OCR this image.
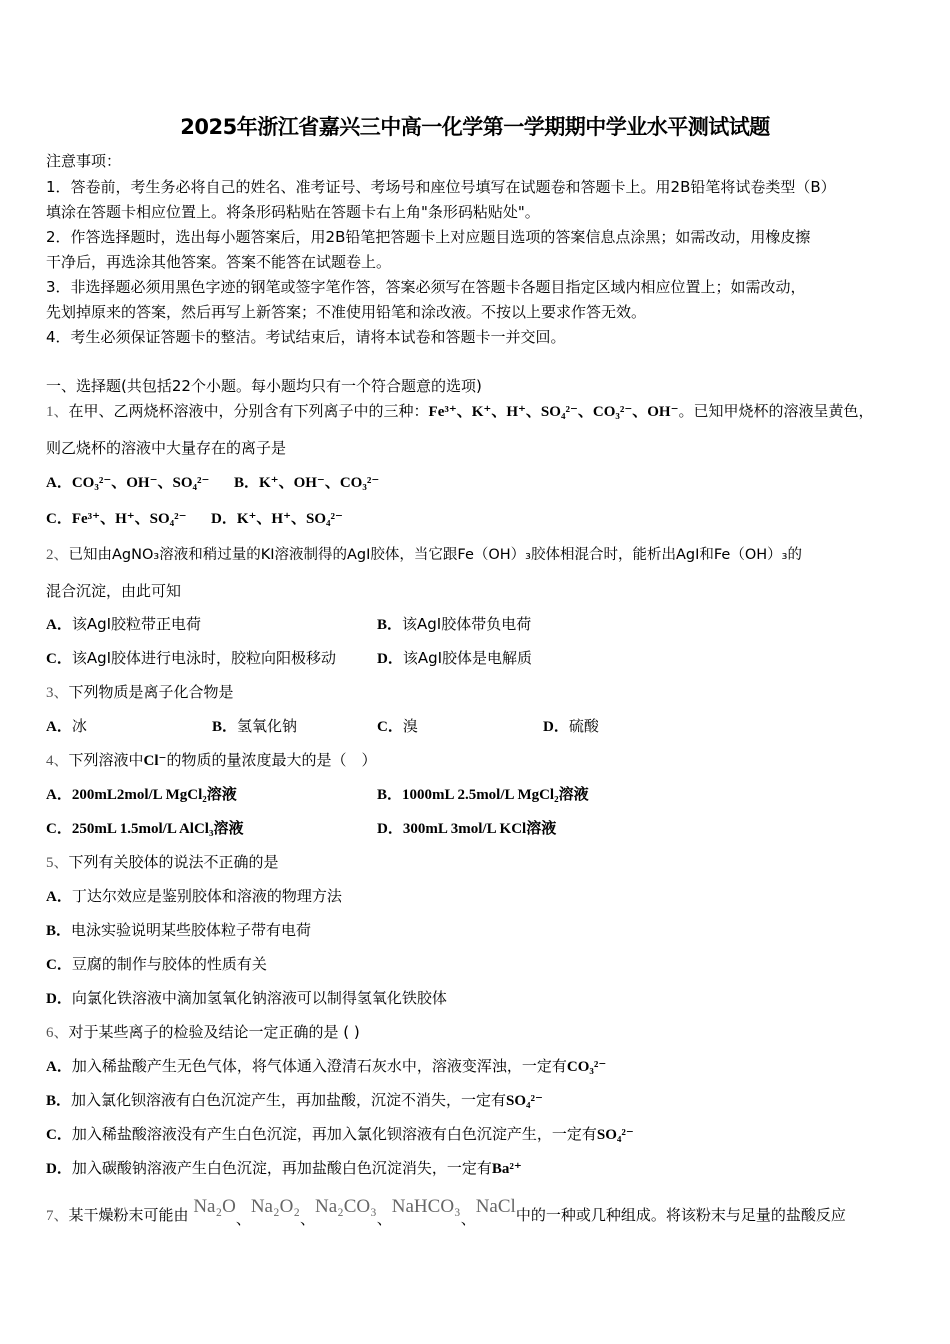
2025年浙江省嘉兴三中高一化学第一学期期中学业水平测试试题
注意事项：
1．答卷前，考生务必将自己的姓名、准考证号、考场号和座位号填写在试题卷和答题卡上。用2B铅笔将试卷类型（B）
填涂在答题卡相应位置上。将条形码粘贴在答题卡右上角"条形码粘贴处"。
2．作答选择题时，选出每小题答案后，用2B铅笔把答题卡上对应题目选项的答案信息点涂黑；如需改动，用橡皮擦
干净后，再选涂其他答案。答案不能答在试题卷上。
3．非选择题必须用黑色字迹的钢笔或签字笔作答，答案必须写在答题卡各题目指定区域内相应位置上；如需改动，
先划掉原来的答案，然后再写上新答案；不准使用铅笔和涂改液。不按以上要求作答无效。
4．考生必须保证答题卡的整洁。考试结束后，请将本试卷和答题卡一并交回。
一、选择题(共包括22个小题。每小题均只有一个符合题意的选项)
1、在甲、乙两烧杯溶液中，分别含有下列离子中的三种：Fe³⁺、K⁺、H⁺、SO₄²⁻、CO₃²⁻、OH⁻。已知甲烧杯的溶液呈黄色，
则乙烧杯的溶液中大量存在的离子是
A．CO₃²⁻、OH⁻、SO₄²⁻ B．K⁺、OH⁻、CO₃²⁻
C．Fe³⁺、H⁺、SO₄²⁻ D．K⁺、H⁺、SO₄²⁻
2、已知由AgNO₃溶液和稍过量的KI溶液制得的AgI胶体，当它跟Fe（OH）₃胶体相混合时，能析出AgI和Fe（OH）₃的
混合沉淀，由此可知
A．该AgI胶粒带正电荷	B．该AgI胶体带负电荷
C．该AgI胶体进行电泳时，胶粒向阳极移动	D．该AgI胶体是电解质
3、下列物质是离子化合物是
A．冰	B．氢氧化钠	C．溴	D．硫酸
4、下列溶液中Cl⁻的物质的量浓度最大的是（　）
A．200mL2mol/L MgCl₂溶液	B．1000mL 2.5mol/L MgCl₂溶液
C．250mL 1.5mol/L AlCl₃溶液	D．300mL 3mol/L KCl溶液
5、下列有关胶体的说法不正确的是
A．丁达尔效应是鉴别胶体和溶液的物理方法
B．电泳实验说明某些胶体粒子带有电荷
C．豆腐的制作与胶体的性质有关
D．向氯化铁溶液中滴加氢氧化钠溶液可以制得氢氧化铁胶体
6、对于某些离子的检验及结论一定正确的是 ( )
A．加入稀盐酸产生无色气体，将气体通入澄清石灰水中，溶液变浑浊，一定有CO₃²⁻
B．加入氯化钡溶液有白色沉淀产生，再加盐酸，沉淀不消失，一定有SO₄²⁻
C．加入稀盐酸溶液没有产生白色沉淀，再加入氯化钡溶液有白色沉淀产生，一定有SO₄²⁻
D．加入碳酸钠溶液产生白色沉淀，再加盐酸白色沉淀消失，一定有Ba²⁺
7、某干燥粉末可能由 Na₂O、Na₂O₂、Na₂CO₃、NaHCO₃、NaCl中的一种或几种组成。将该粉末与足量的盐酸反应
